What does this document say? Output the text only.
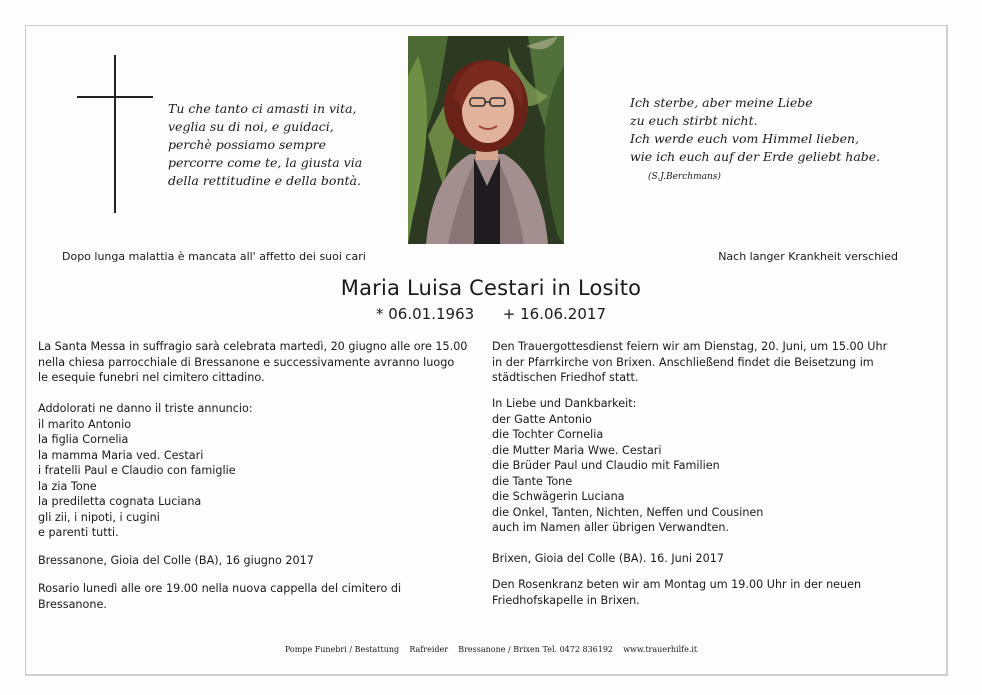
Tu che tanto ci amasti in vita,
veglia su di noi, e guidaci,
perchè possiamo sempre
percorre come te, la giusta via
della rettitudine e della bontà.
Ich sterbe, aber meine Liebe
zu euch stirbt nicht.
Ich werde euch vom Himmel lieben,
wie ich euch auf der Erde geliebt habe.
(S.J.Berchmans)
Dopo lunga malattia è mancata all' affetto dei suoi cari	Nach langer Krankheit verschied
Maria Luisa Cestari in Losito
* 06.01.1963 + 16.06.2017
La Santa Messa in suffragio sarà celebrata martedì, 20 giugno alle ore 15.00
nella chiesa parrocchiale di Bressanone e successivamente avranno luogo
le esequie funebri nel cimitero cittadino.
Addolorati ne danno il triste annuncio:
il marito Antonio
la figlia Cornelia
la mamma Maria ved. Cestari
i fratelli Paul e Claudio con famiglie
la zia Tone
la prediletta cognata Luciana
gli zii, i nipoti, i cugini
e parenti tutti.
Bressanone, Gioia del Colle (BA), 16 giugno 2017
Rosario lunedì alle ore 19.00 nella nuova cappella del cimitero di
Bressanone.
Den Trauergottesdienst feiern wir am Dienstag, 20. Juni, um 15.00 Uhr
in der Pfarrkirche von Brixen. Anschließend findet die Beisetzung im
städtischen Friedhof statt.
In Liebe und Dankbarkeit:
der Gatte Antonio
die Tochter Cornelia
die Mutter Maria Wwe. Cestari
die Brüder Paul und Claudio mit Familien
die Tante Tone
die Schwägerin Luciana
die Onkel, Tanten, Nichten, Neffen und Cousinen
auch im Namen aller übrigen Verwandten.
Brixen, Gioia del Colle (BA). 16. Juni 2017
Den Rosenkranz beten wir am Montag um 19.00 Uhr in der neuen
Friedhofskapelle in Brixen.
Pompe Funebri / Bestattung    Rafreider    Bressanone / Brixen Tel. 0472 836192    www.trauerhilfe.it
